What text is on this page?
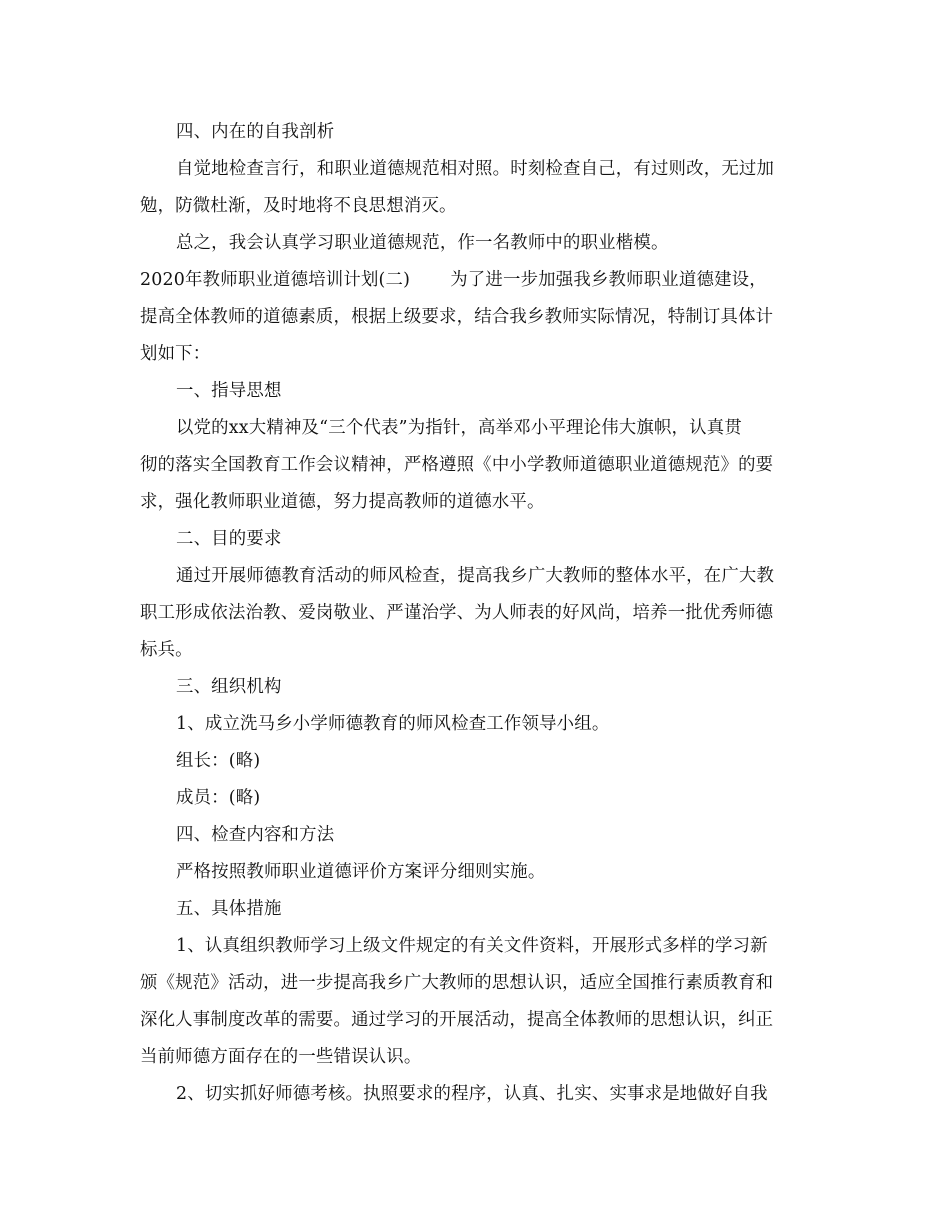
四、内在的自我剖析
自觉地检查言行，和职业道德规范相对照。时刻检查自己，有过则改，无过加
勉，防微杜渐，及时地将不良思想消灭。
总之，我会认真学习职业道德规范，作一名教师中的职业楷模。
2020年教师职业道德培训计划(二)       为了进一步加强我乡教师职业道德建设，
提高全体教师的道德素质，根据上级要求，结合我乡教师实际情况，特制订具体计
划如下：
一、指导思想
以党的xx大精神及“三个代表”为指针，高举邓小平理论伟大旗帜，认真贯
彻的落实全国教育工作会议精神，严格遵照《中小学教师道德职业道德规范》的要
求，强化教师职业道德，努力提高教师的道德水平。
二、目的要求
通过开展师德教育活动的师风检查，提高我乡广大教师的整体水平，在广大教
职工形成依法治教、爱岗敬业、严谨治学、为人师表的好风尚，培养一批优秀师德
标兵。
三、组织机构
1、成立洗马乡小学师德教育的师风检查工作领导小组。
组长：(略)
成员：(略)
四、检查内容和方法
严格按照教师职业道德评价方案评分细则实施。
五、具体措施
1、认真组织教师学习上级文件规定的有关文件资料，开展形式多样的学习新
颁《规范》活动，进一步提高我乡广大教师的思想认识，适应全国推行素质教育和
深化人事制度改革的需要。通过学习的开展活动，提高全体教师的思想认识，纠正
当前师德方面存在的一些错误认识。
2、切实抓好师德考核。执照要求的程序，认真、扎实、实事求是地做好自我
